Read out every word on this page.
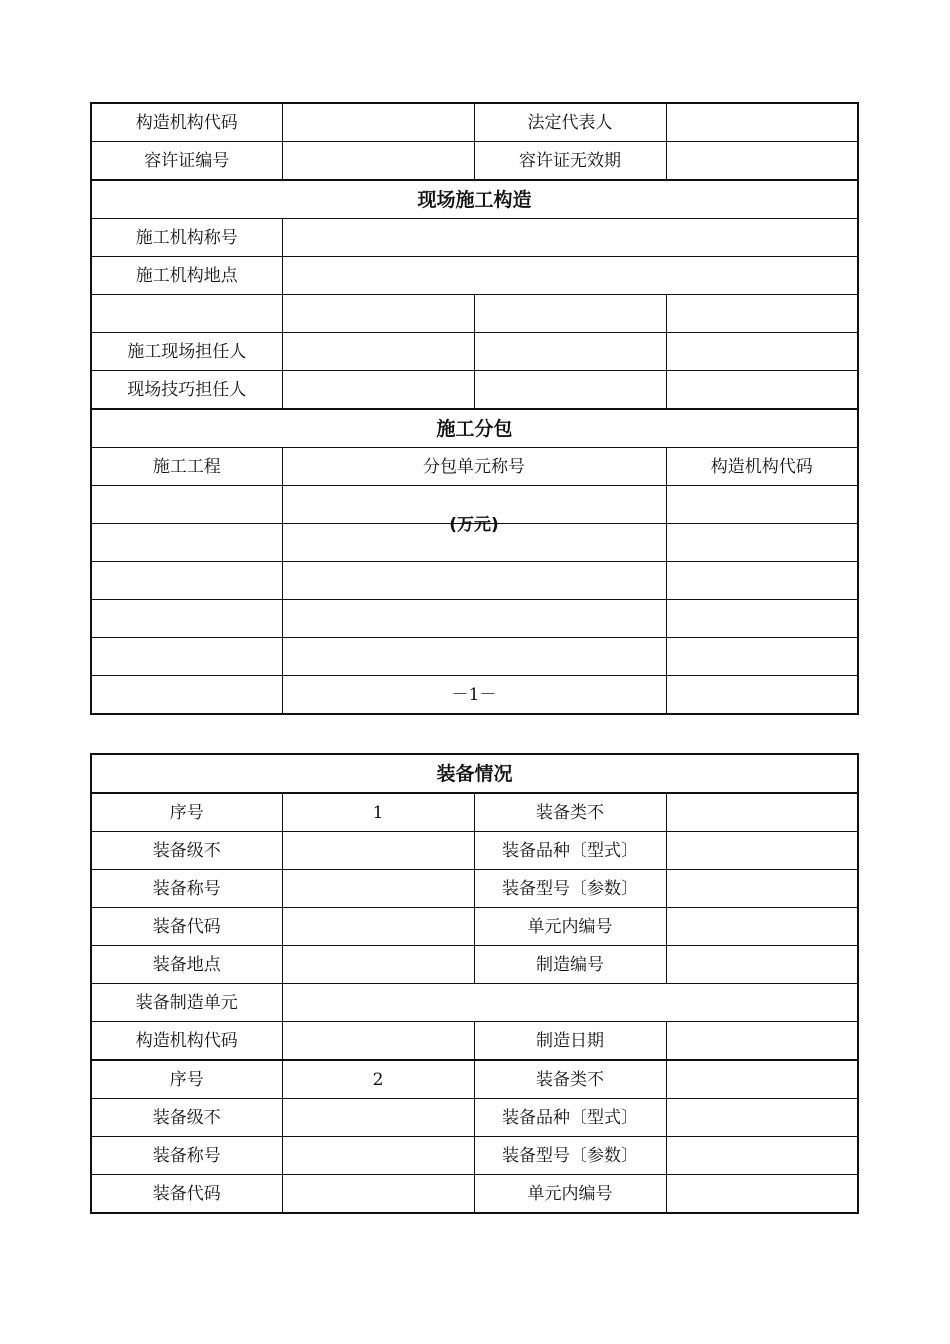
构造机构代码		法定代表人	
容许证编号		容许证无效期	
现场施工构造			
施工机构称号			
施工机构地点			

施工现场担任人			
现场技巧担任人			
施工分包			
施工工程	分包单元称号		构造机构代码
	(万元)		

	－1－		
装备情况			
序号	1	装备类不	
装备级不		装备品种〔型式〕	
装备称号		装备型号〔参数〕	
装备代码		单元内编号	
装备地点		制造编号	
装备制造单元			
构造机构代码		制造日期	
序号	2	装备类不	
装备级不		装备品种〔型式〕	
装备称号		装备型号〔参数〕	
装备代码		单元内编号	
